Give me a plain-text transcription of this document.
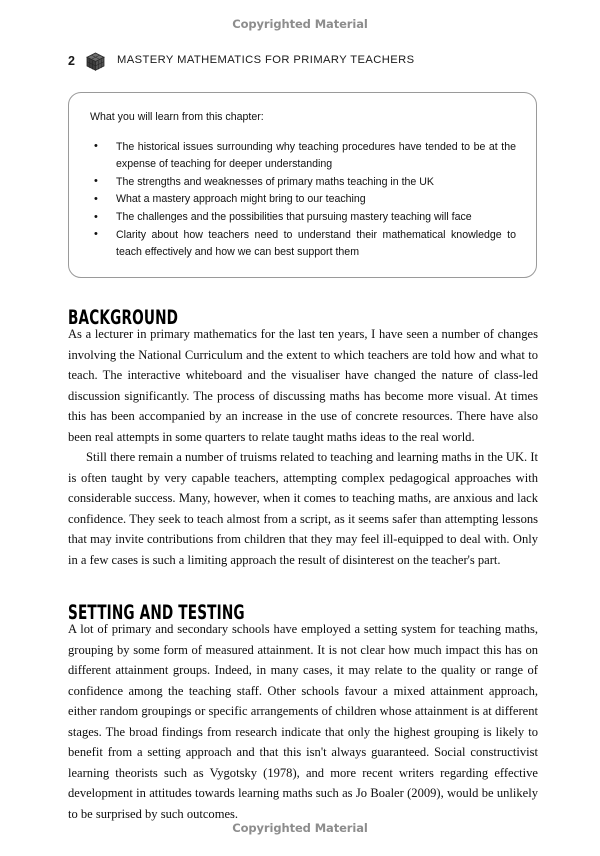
Copyrighted Material
2	MASTERY MATHEMATICS FOR PRIMARY TEACHERS

What you will learn from this chapter:

• The historical issues surrounding why teaching procedures have tended to be at the expense of teaching for deeper understanding
• The strengths and weaknesses of primary maths teaching in the UK
• What a mastery approach might bring to our teaching
• The challenges and the possibilities that pursuing mastery teaching will face
• Clarity about how teachers need to understand their mathematical knowledge to teach effectively and how we can best support them
BACKGROUND

As a lecturer in primary mathematics for the last ten years, I have seen a number of changes involving the National Curriculum and the extent to which teachers are told how and what to teach. The interactive whiteboard and the visualiser have changed the nature of class-led discussion significantly. The process of discussing maths has become more visual. At times this has been accompanied by an increase in the use of concrete resources. There have also been real attempts in some quarters to relate taught maths ideas to the real world.

Still there remain a number of truisms related to teaching and learning maths in the UK. It is often taught by very capable teachers, attempting complex pedagogical approaches with considerable success. Many, however, when it comes to teaching maths, are anxious and lack confidence. They seek to teach almost from a script, as it seems safer than attempting lessons that may invite contributions from children that they may feel ill-equipped to deal with. Only in a few cases is such a limiting approach the result of disinterest on the teacher's part.

SETTING AND TESTING

A lot of primary and secondary schools have employed a setting system for teaching maths, grouping by some form of measured attainment. It is not clear how much impact this has on different attainment groups. Indeed, in many cases, it may relate to the quality or range of confidence among the teaching staff. Other schools favour a mixed attainment approach, either random groupings or specific arrangements of children whose attainment is at different stages. The broad findings from research indicate that only the highest grouping is likely to benefit from a setting approach and that this isn't always guaranteed. Social constructivist learning theorists such as Vygotsky (1978), and more recent writers regarding effective development in attitudes towards learning maths such as Jo Boaler (2009), would be unlikely to be surprised by such outcomes.

Copyrighted Material
